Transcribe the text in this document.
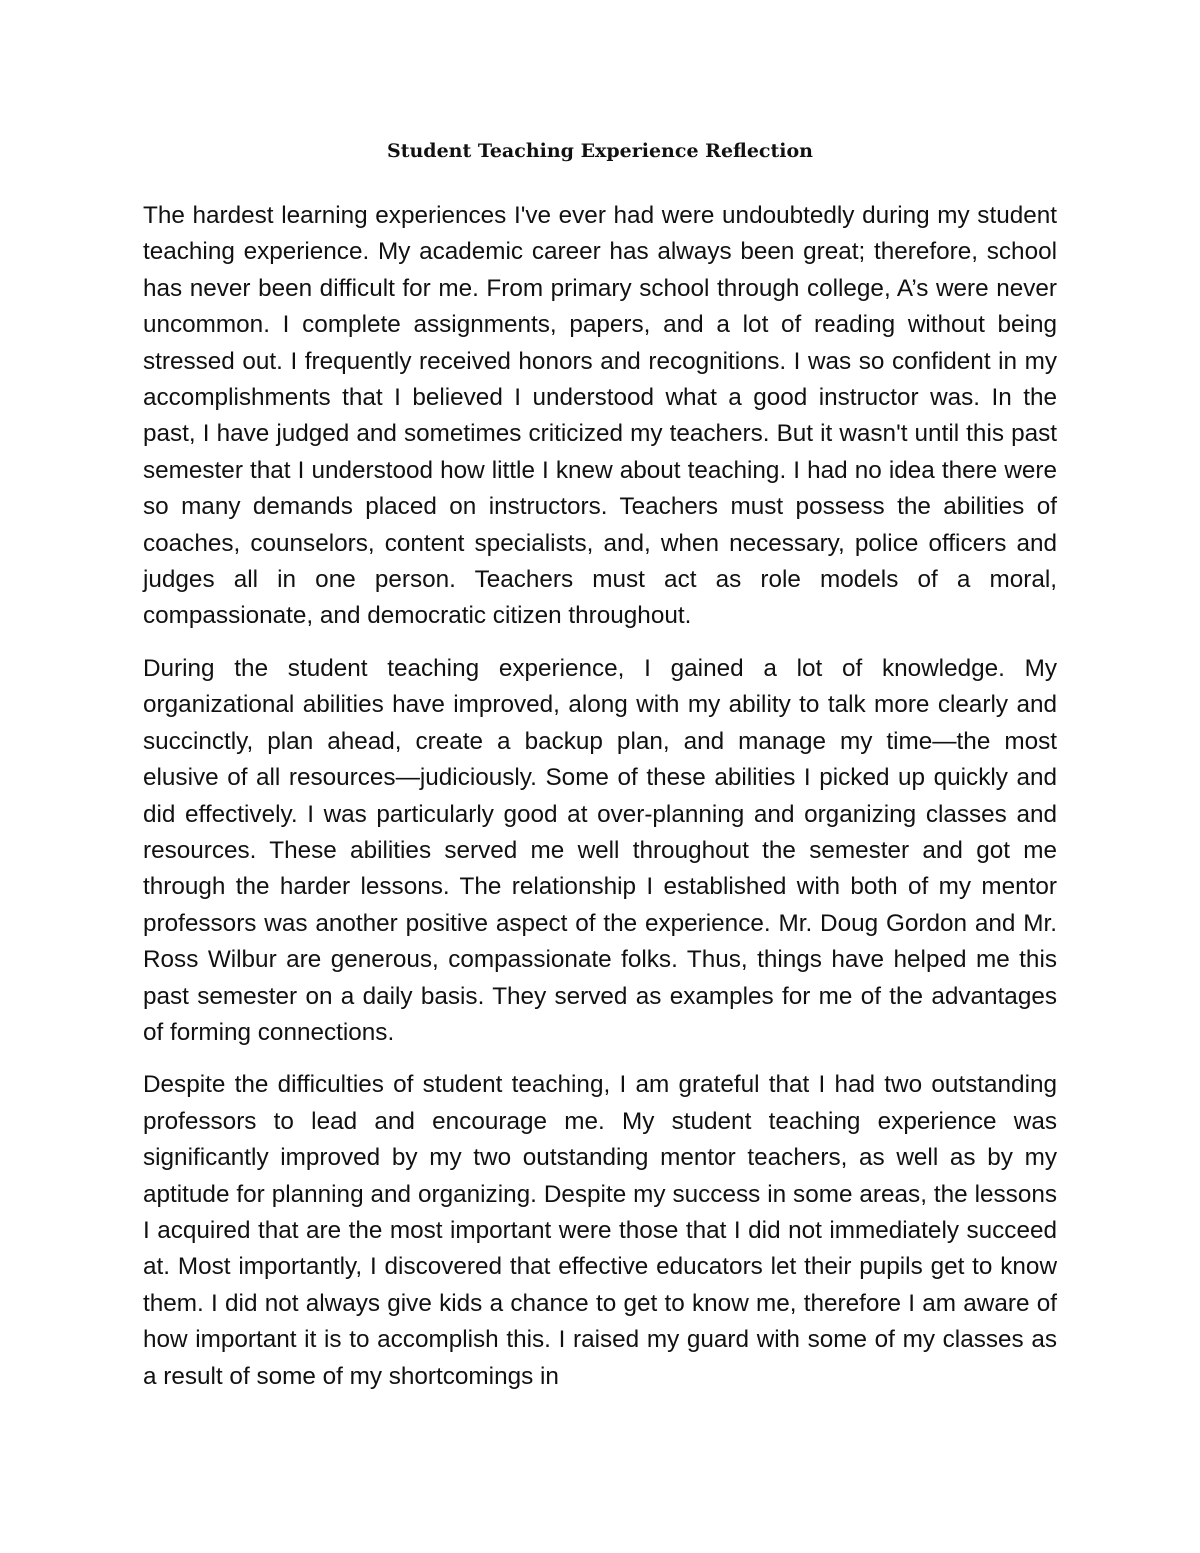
Student Teaching Experience Reflection

The hardest learning experiences I've ever had were undoubtedly during my student teaching experience. My academic career has always been great; therefore, school has never been difficult for me. From primary school through college, A’s were never uncommon. I complete assignments, papers, and a lot of reading without being stressed out. I frequently received honors and recognitions. I was so confident in my accomplishments that I believed I understood what a good instructor was. In the past, I have judged and sometimes criticized my teachers. But it wasn't until this past semester that I understood how little I knew about teaching. I had no idea there were so many demands placed on instructors. Teachers must possess the abilities of coaches, counselors, content specialists, and, when necessary, police officers and judges all in one person. Teachers must act as role models of a moral, compassionate, and democratic citizen throughout.

During the student teaching experience, I gained a lot of knowledge. My organizational abilities have improved, along with my ability to talk more clearly and succinctly, plan ahead, create a backup plan, and manage my time—the most elusive of all resources—judiciously. Some of these abilities I picked up quickly and did effectively. I was particularly good at over-planning and organizing classes and resources. These abilities served me well throughout the semester and got me through the harder lessons. The relationship I established with both of my mentor professors was another positive aspect of the experience. Mr. Doug Gordon and Mr. Ross Wilbur are generous, compassionate folks. Thus, things have helped me this past semester on a daily basis. They served as examples for me of the advantages of forming connections.

Despite the difficulties of student teaching, I am grateful that I had two outstanding professors to lead and encourage me. My student teaching experience was significantly improved by my two outstanding mentor teachers, as well as by my aptitude for planning and organizing. Despite my success in some areas, the lessons I acquired that are the most important were those that I did not immediately succeed at. Most importantly, I discovered that effective educators let their pupils get to know them. I did not always give kids a chance to get to know me, therefore I am aware of how important it is to accomplish this. I raised my guard with some of my classes as a result of some of my shortcomings in
